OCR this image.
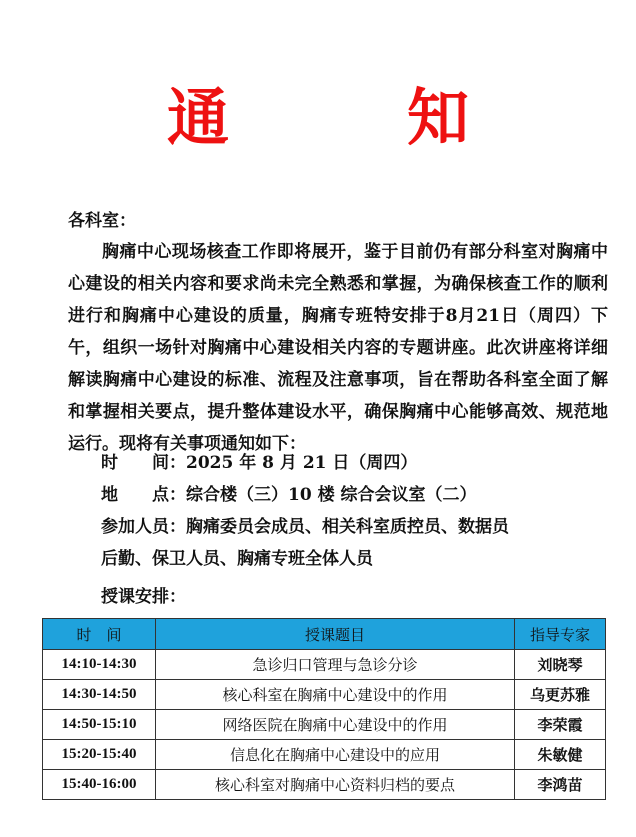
通　知
各科室：
胸痛中心现场核查工作即将展开，鉴于目前仍有部分科室对胸痛中心建设的相关内容和要求尚未完全熟悉和掌握，为确保核查工作的顺利进行和胸痛中心建设的质量，胸痛专班特安排于8月21日（周四）下午，组织一场针对胸痛中心建设相关内容的专题讲座。此次讲座将详细解读胸痛中心建设的标准、流程及注意事项，旨在帮助各科室全面了解和掌握相关要点，提升整体建设水平，确保胸痛中心能够高效、规范地运行。现将有关事项通知如下：
时　　间：2025 年 8 月 21 日（周四）
地　　点：综合楼（三）10 楼 综合会议室（二）
参加人员：胸痛委员会成员、相关科室质控员、数据员
后勤、保卫人员、胸痛专班全体人员
授课安排：
时　间	授课题目	指导专家
14:10-14:30	急诊归口管理与急诊分诊	刘晓琴
14:30-14:50	核心科室在胸痛中心建设中的作用	乌更苏雅
14:50-15:10	网络医院在胸痛中心建设中的作用	李荣霞
15:20-15:40	信息化在胸痛中心建设中的应用	朱敏健
15:40-16:00	核心科室对胸痛中心资料归档的要点	李鸿苗
